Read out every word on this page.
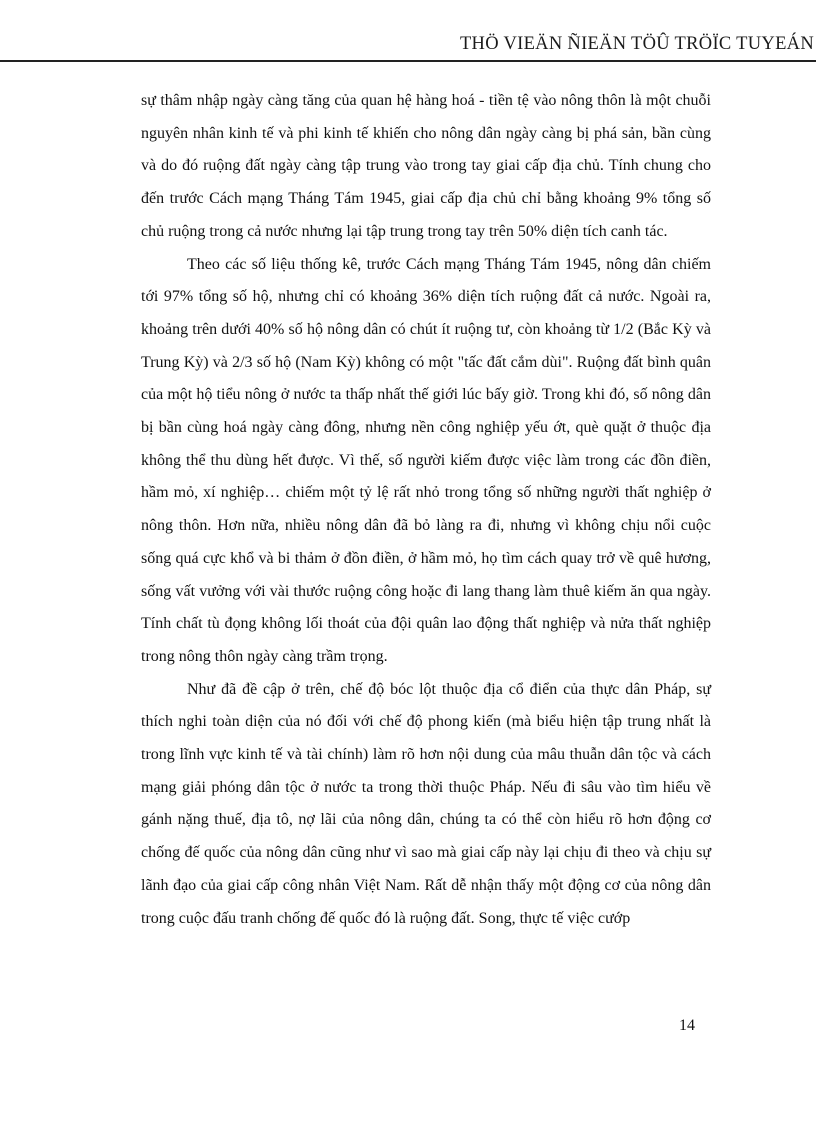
THÖ VIEÄN ÑIEÄN TÖÛ TRÖÏC TUYEÁN

sự thâm nhập ngày càng tăng của quan hệ hàng hoá - tiền tệ vào nông thôn là một chuỗi nguyên nhân kinh tế và phi kinh tế khiến cho nông dân ngày càng bị phá sản, bần cùng và do đó ruộng đất ngày càng tập trung vào trong tay giai cấp địa chủ. Tính chung cho đến trước Cách mạng Tháng Tám 1945, giai cấp địa chủ chỉ bằng khoảng 9% tổng số chủ ruộng trong cả nước nhưng lại tập trung trong tay trên 50% diện tích canh tác.

Theo các số liệu thống kê, trước Cách mạng Tháng Tám 1945, nông dân chiếm tới 97% tổng số hộ, nhưng chỉ có khoảng 36% diện tích ruộng đất cả nước. Ngoài ra, khoảng trên dưới 40% số hộ nông dân có chút ít ruộng tư, còn khoảng từ 1/2 (Bắc Kỳ và Trung Kỳ) và 2/3 số hộ (Nam Kỳ) không có một "tấc đất cắm dùi". Ruộng đất bình quân của một hộ tiểu nông ở nước ta thấp nhất thế giới lúc bấy giờ. Trong khi đó, số nông dân bị bần cùng hoá ngày càng đông, nhưng nền công nghiệp yếu ớt, què quặt ở thuộc địa không thể thu dùng hết được. Vì thế, số người kiếm được việc làm trong các đồn điền, hầm mỏ, xí nghiệp… chiếm một tỷ lệ rất nhỏ trong tổng số những người thất nghiệp ở nông thôn. Hơn nữa, nhiều nông dân đã bỏ làng ra đi, nhưng vì không chịu nổi cuộc sống quá cực khổ và bi thảm ở đồn điền, ở hầm mỏ, họ tìm cách quay trở về quê hương, sống vất vưởng với vài thước ruộng công hoặc đi lang thang làm thuê kiếm ăn qua ngày. Tính chất tù đọng không lối thoát của đội quân lao động thất nghiệp và nửa thất nghiệp trong nông thôn ngày càng trầm trọng.

Như đã đề cập ở trên, chế độ bóc lột thuộc địa cổ điển của thực dân Pháp, sự thích nghi toàn diện của nó đối với chế độ phong kiến (mà biểu hiện tập trung nhất là trong lĩnh vực kinh tế và tài chính) làm rõ hơn nội dung của mâu thuẫn dân tộc và cách mạng giải phóng dân tộc ở nước ta trong thời thuộc Pháp. Nếu đi sâu vào tìm hiểu về gánh nặng thuế, địa tô, nợ lãi của nông dân, chúng ta có thể còn hiểu rõ hơn động cơ chống đế quốc của nông dân cũng như vì sao mà giai cấp này lại chịu đi theo và chịu sự lãnh đạo của giai cấp công nhân Việt Nam. Rất dễ nhận thấy một động cơ của nông dân trong cuộc đấu tranh chống đế quốc đó là ruộng đất. Song, thực tế việc cướp

14
